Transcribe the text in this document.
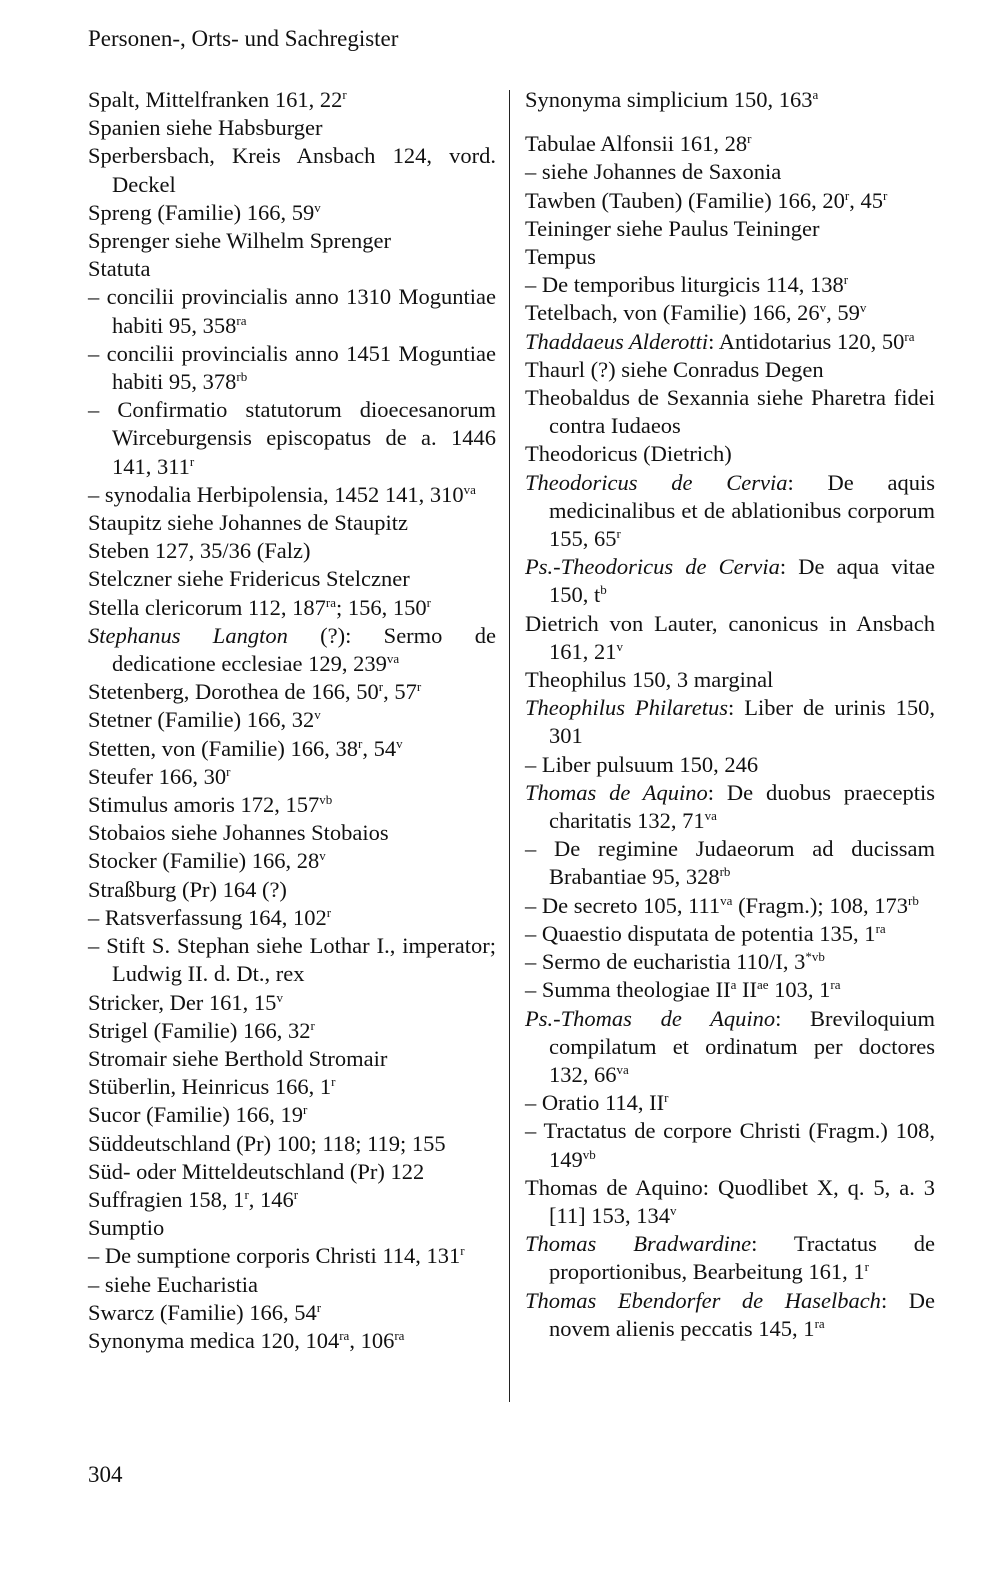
Personen-, Orts- und Sachregister

Spalt, Mittelfranken 161, 22$^r$

Spanien siehe Habsburger

Sperbersbach, Kreis Ansbach 124, vord. Deckel

Spreng (Familie) 166, 59$^v$

Sprenger siehe Wilhelm Sprenger

Statuta

– concilii provincialis anno 1310 Moguntiae habiti 95, $358^{ra}$

– concilii provincialis anno 1451 Moguntiae habiti 95, $378^{rb}$

– Confirmatio statutorum dioecesanorum Wirceburgensis episcopatus de a. 1446 141, 311$^r$

– synodalia Herbipolensia, 1452 141, $310^{va}$

Staupitz siehe Johannes de Staupitz

Steben 127, 35/36 (Falz)

Stelczner siehe Fridericus Stelczner

Stella clericorum 112, $187^{ra}$; 156, 150$^r$

Stephanus Langton (?): Sermo de dedicatione ecclesiae 129, $239^{va}$

Stetenberg, Dorothea de 166, 50$^r$, 57$^r$

Stetner (Familie) 166, 32$^v$

Stetten, von (Familie) 166, 38$^r$, 54$^v$

Steufer 166, 30$^r$

Stimulus amoris 172, $157^{vb}$

Stobaios siehe Johannes Stobaios

Stocker (Familie) 166, 28$^v$

Straßburg (Pr) 164 (?)

– Ratsverfassung 164, 102$^r$

– Stift S. Stephan siehe Lothar I., imperator; Ludwig II. d. Dt., rex

Stricker, Der 161, 15$^v$

Strigel (Familie) 166, 32$^r$

Stromair siehe Berthold Stromair

Stüberlin, Heinricus 166, 1$^r$

Sucor (Familie) 166, 19$^r$

Süddeutschland (Pr) 100; 118; 119; 155

Süd- oder Mitteldeutschland (Pr) 122

Suffragien 158, 1$^r$, 146$^r$

Sumptio

– De sumptione corporis Christi 114, 131$^r$

– siehe Eucharistia

Swarcz (Familie) 166, 54$^r$

Synonyma medica 120, $104^{ra}$, $106^{ra}$

Synonyma simplicium 150, 163$^a$

Tabulae Alfonsii 161, 28$^r$

– siehe Johannes de Saxonia

Tawben (Tauben) (Familie) 166, 20$^r$, 45$^r$

Teininger siehe Paulus Teininger

Tempus

– De temporibus liturgicis 114, 138$^r$

Tetelbach, von (Familie) 166, 26$^v$, 59$^v$

Thaddaeus Alderotti: Antidotarius 120, $50^{ra}$

Thaurl (?) siehe Conradus Degen

Theobaldus de Sexannia siehe Pharetra fidei contra Iudaeos

Theodoricus (Dietrich)

Theodoricus de Cervia: De aquis medicinalibus et de ablationibus corporum 155, 65$^r$

Ps.-Theodoricus de Cervia: De aqua vitae 150, $t^b$

Dietrich von Lauter, canonicus in Ansbach 161, 21$^v$

Theophilus 150, 3 marginal

Theophilus Philaretus: Liber de urinis 150, 301

– Liber pulsuum 150, 246

Thomas de Aquino: De duobus praeceptis charitatis 132, $71^{va}$

– De regimine Judaeorum ad ducissam Brabantiae 95, $328^{rb}$

– De secreto 105, $111^{va}$ (Fragm.); 108, $173^{rb}$

– Quaestio disputata de potentia 135, $1^{ra}$

– Sermo de eucharistia 110/I, $3^{*vb}$

– Summa theologiae $II^a$ $II^{ae}$ 103, $1^{ra}$

Ps.-Thomas de Aquino: Breviloquium compilatum et ordinatum per doctores 132, $66^{va}$

– Oratio 114, $II^r$

– Tractatus de corpore Christi (Fragm.) 108, $149^{vb}$

Thomas de Aquino: Quodlibet X, q. 5, a. 3 [11] 153, 134$^v$

Thomas Bradwardine: Tractatus de proportionibus, Bearbeitung 161, 1$^r$

Thomas Ebendorfer de Haselbach: De novem alienis peccatis 145, $1^{ra}$

304
